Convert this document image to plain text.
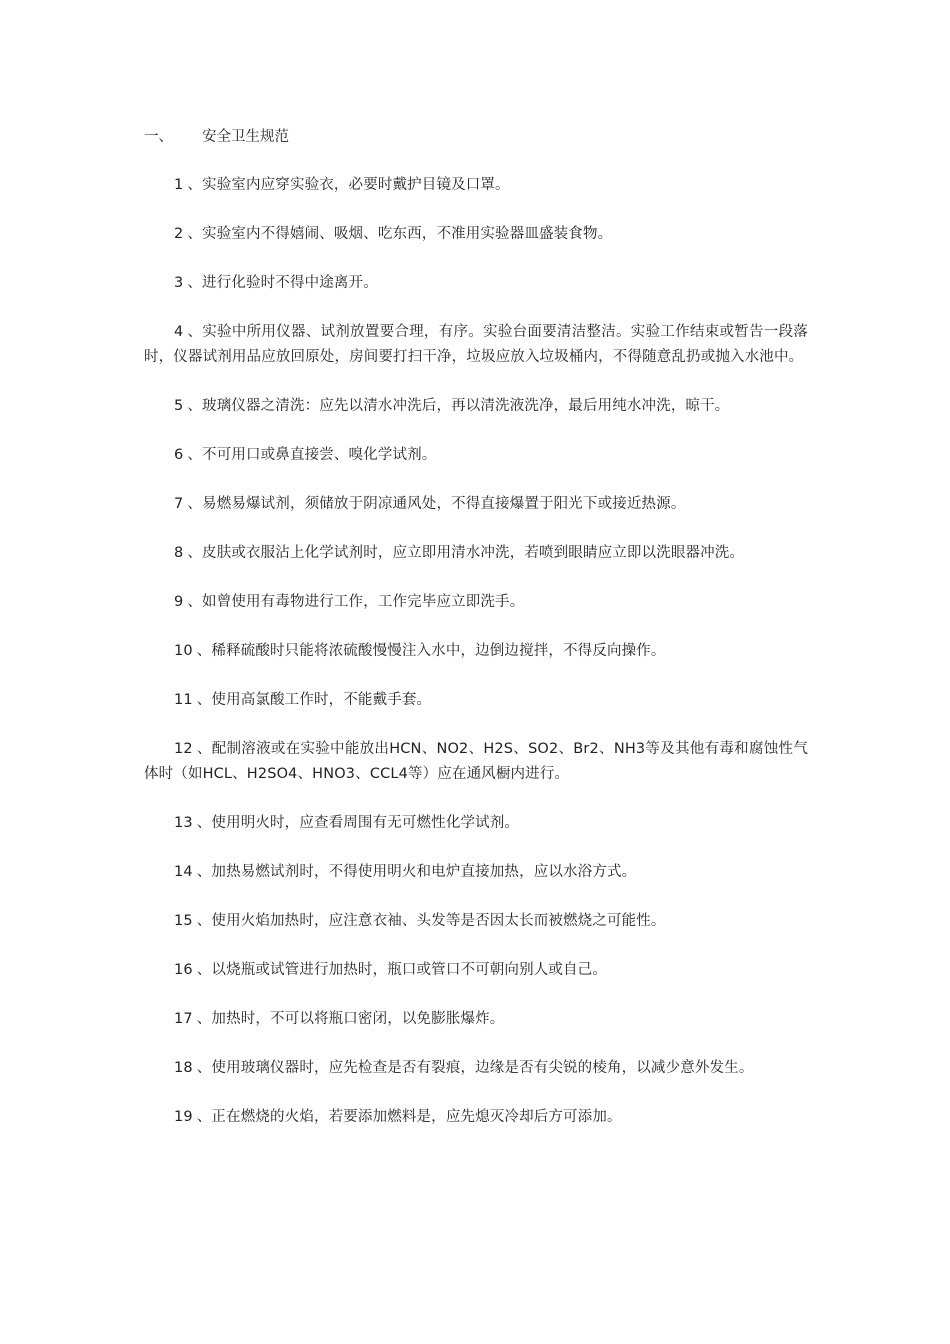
一、 安全卫生规范

1 、实验室内应穿实验衣，必要时戴护目镜及口罩。

2 、实验室内不得嬉闹、吸烟、吃东西，不准用实验器皿盛装食物。

3 、进行化验时不得中途离开。

4 、实验中所用仪器、试剂放置要合理，有序。实验台面要清洁整洁。实验工作结束或暂告一段落时，仪器试剂用品应放回原处，房间要打扫干净，垃圾应放入垃圾桶内，不得随意乱扔或抛入水池中。

5 、玻璃仪器之清洗：应先以清水冲洗后，再以清洗液洗净，最后用纯水冲洗，晾干。

6 、不可用口或鼻直接尝、嗅化学试剂。

7 、易燃易爆试剂，须储放于阴凉通风处，不得直接爆置于阳光下或接近热源。

8 、皮肤或衣服沾上化学试剂时，应立即用清水冲洗，若喷到眼睛应立即以洗眼器冲洗。

9 、如曾使用有毒物进行工作，工作完毕应立即洗手。

10 、稀释硫酸时只能将浓硫酸慢慢注入水中，边倒边搅拌，不得反向操作。

11 、使用高氯酸工作时，不能戴手套。

12 、配制溶液或在实验中能放出HCN、NO2、H2S、SO2、Br2、NH3等及其他有毒和腐蚀性气体时（如HCL、H2SO4、HNO3、CCL4等）应在通风橱内进行。

13 、使用明火时，应查看周围有无可燃性化学试剂。

14 、加热易燃试剂时，不得使用明火和电炉直接加热，应以水浴方式。

15 、使用火焰加热时，应注意衣袖、头发等是否因太长而被燃烧之可能性。

16 、以烧瓶或试管进行加热时，瓶口或管口不可朝向别人或自己。

17 、加热时，不可以将瓶口密闭，以免膨胀爆炸。

18 、使用玻璃仪器时，应先检查是否有裂痕，边缘是否有尖锐的棱角，以减少意外发生。

19 、正在燃烧的火焰，若要添加燃料是，应先熄灭冷却后方可添加。
